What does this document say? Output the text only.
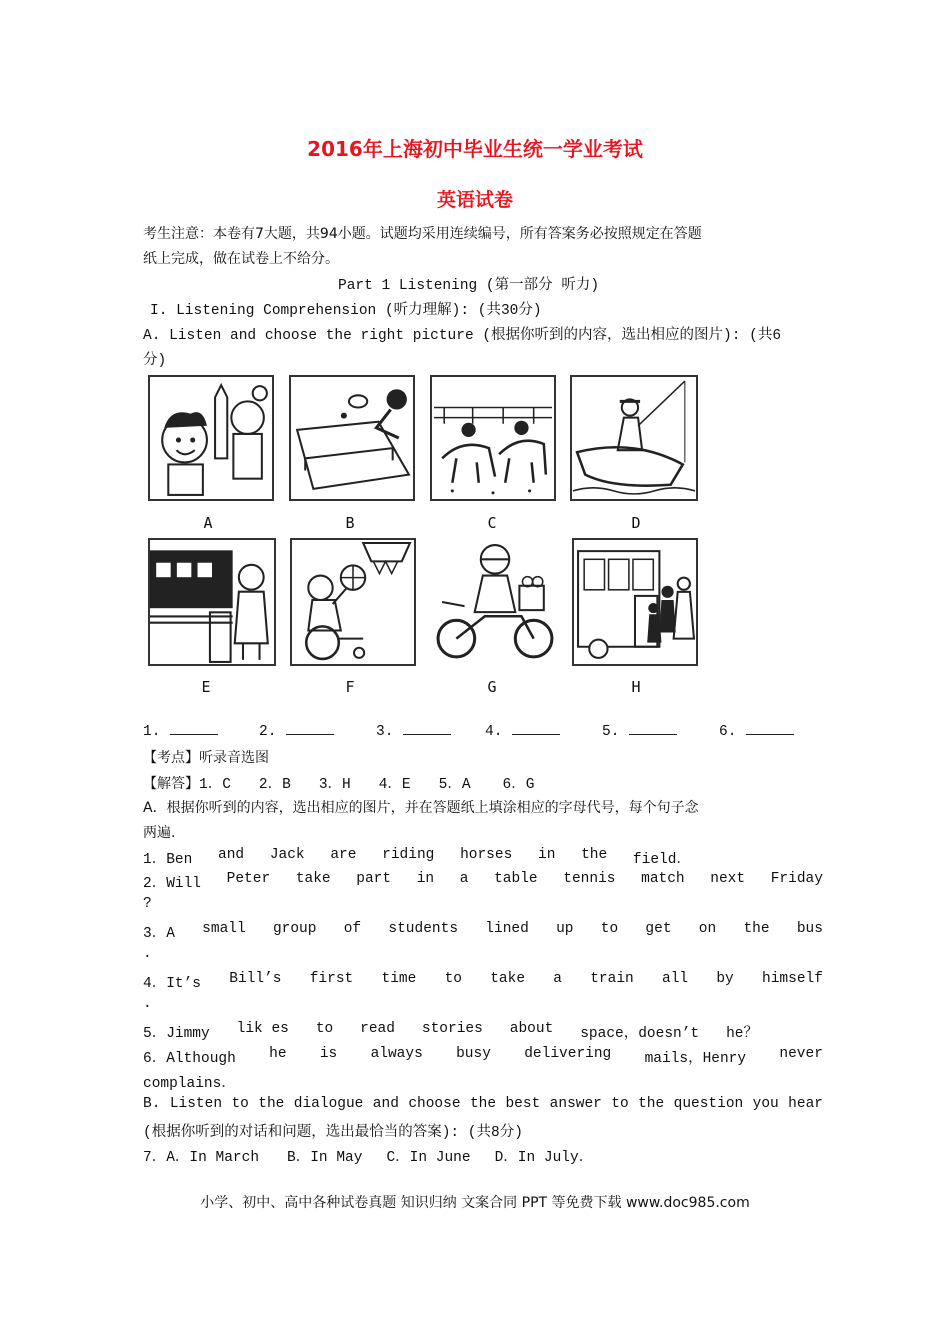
2016年上海初中毕业生统一学业考试
英语试卷
考生注意：本卷有7大题，共94小题。试题均采用连续编号，所有答案务必按照规定在答题
纸上完成，做在试卷上不给分。
Part 1 Listening (第一部分 听力)
I. Listening Comprehension (听力理解): (共30分)
A. Listen and choose the right picture (根据你听到的内容，选出相应的图片): (共6
分)
A	B	C	D
E	F	G	H
1.	2.	3.	4.	5.	6.
【考点】听录音选图
【解答】1．C 2．B 3．H 4．E 5．A 6．G
A．根据你听到的内容，选出相应的图片，并在答题纸上填涂相应的字母代号，每个句子念
两遍.
1．Ben and Jack are riding horses in the field．
2．Will Peter take part in a table tennis match next Friday
?
3．A small group of students lined up to get on the bus
.
4．It’s Bill’s first time to take a train all by himself
.
5．Jimmy lik es to read stories about space，doesn’t he？
6．Although he is always busy delivering mails，Henry never
complains．
B. Listen to the dialogue and choose the best answer to the question you hear
(根据你听到的对话和问题，选出最恰当的答案): (共8分)
7．A．In March B．In May C．In June D．In July．
小学、初中、高中各种试卷真题 知识归纳 文案合同 PPT 等免费下载 www.doc985.com
